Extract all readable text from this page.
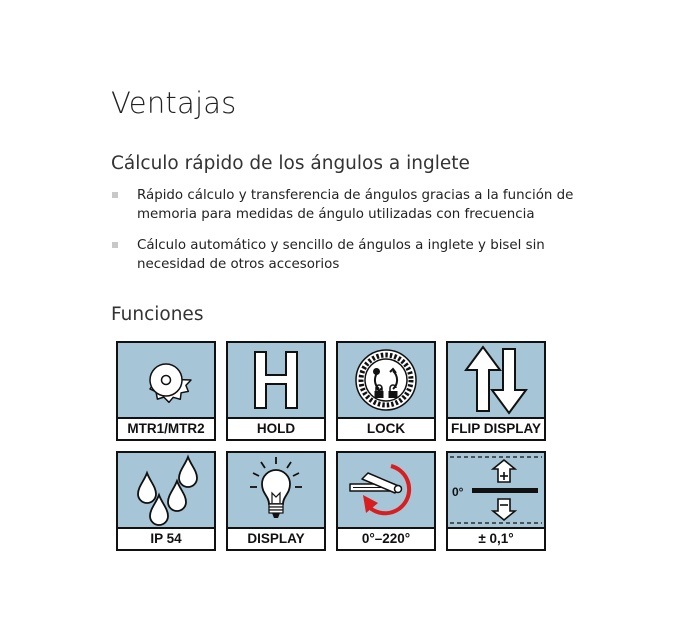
Ventajas
Cálculo rápido de los ángulos a inglete
Rápido cálculo y transferencia de ángulos gracias a la función de memoria para medidas de ángulo utilizadas con frecuencia
Cálculo automático y sencillo de ángulos a inglete y bisel sin necesidad de otros accesorios
Funciones
MTR1/MTR2	HOLD	LOCK	FLIP DISPLAY
IP 54	DISPLAY	0°–220°
0°
± 0,1°
